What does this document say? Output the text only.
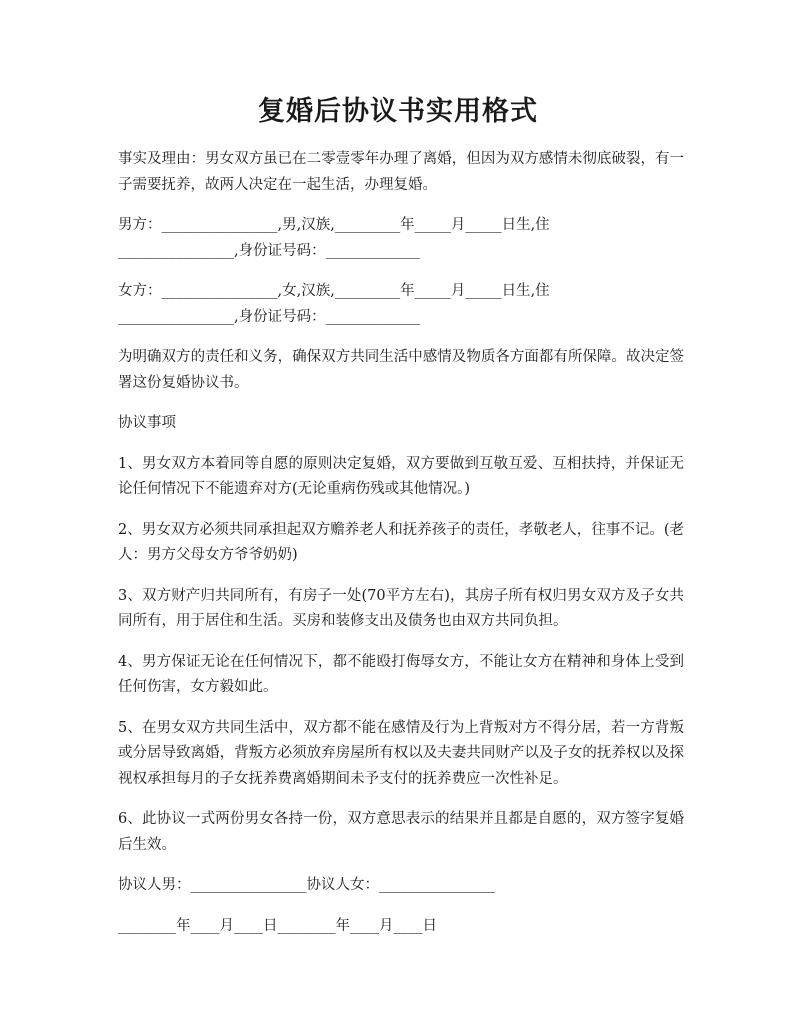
复婚后协议书实用格式

事实及理由：男女双方虽已在二零壹零年办理了离婚，但因为双方感情未彻底破裂，有一子需要抚养，故两人决定在一起生活，办理复婚。

男方：________________,男,汉族,_________年_____月_____日生,住
________________,身份证号码：_____________

女方：________________,女,汉族,_________年_____月_____日生,住
________________,身份证号码：_____________

为明确双方的责任和义务，确保双方共同生活中感情及物质各方面都有所保障。故决定签署这份复婚协议书。

协议事项

1、男女双方本着同等自愿的原则决定复婚，双方要做到互敬互爱、互相扶持，并保证无论任何情况下不能遗弃对方(无论重病伤残或其他情况。)

2、男女双方必须共同承担起双方赡养老人和抚养孩子的责任，孝敬老人，往事不记。(老人：男方父母女方爷爷奶奶)

3、双方财产归共同所有，有房子一处(70平方左右)，其房子所有权归男女双方及子女共同所有，用于居住和生活。买房和装修支出及债务也由双方共同负担。

4、男方保证无论在任何情况下，都不能殴打侮辱女方，不能让女方在精神和身体上受到任何伤害，女方毅如此。

5、在男女双方共同生活中，双方都不能在感情及行为上背叛对方不得分居，若一方背叛或分居导致离婚，背叛方必须放弃房屋所有权以及夫妻共同财产以及子女的抚养权以及探视权承担每月的子女抚养费离婚期间未予支付的抚养费应一次性补足。

6、此协议一式两份男女各持一份，双方意思表示的结果并且都是自愿的，双方签字复婚后生效。

协议人男：________________协议人女：________________

________年____月____日________年____月____日
